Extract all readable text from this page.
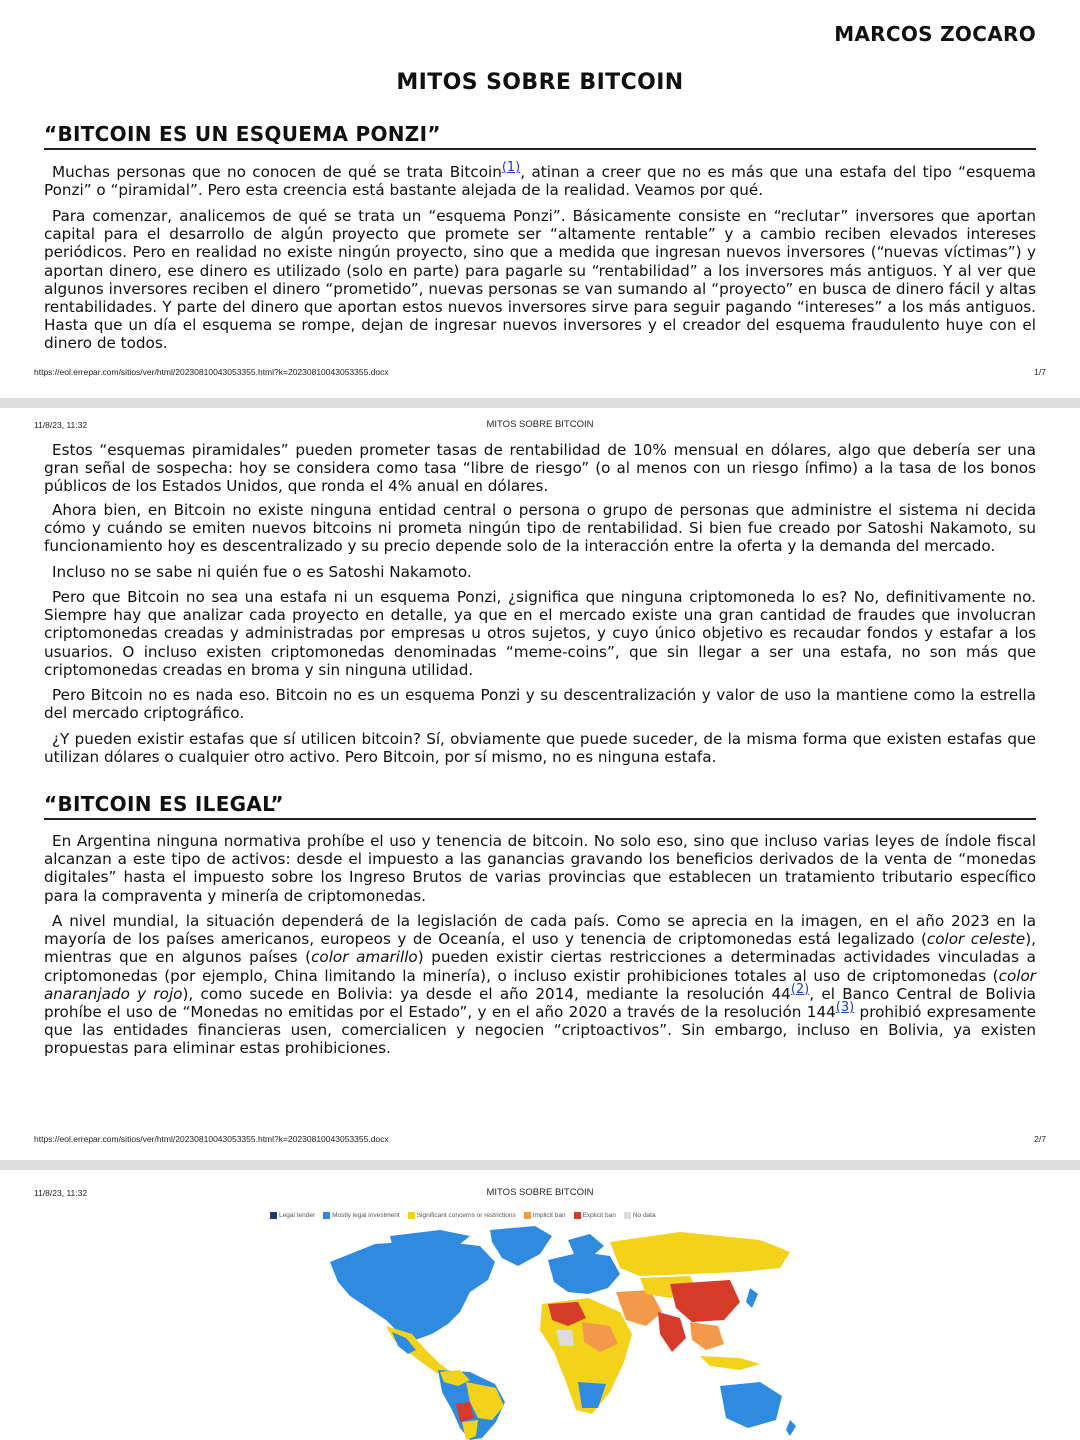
MARCOS ZOCARO
MITOS SOBRE BITCOIN
“BITCOIN ES UN ESQUEMA PONZI”
Muchas personas que no conocen de qué se trata Bitcoin(1), atinan a creer que no es más que una estafa del tipo “esquema Ponzi” o “piramidal”. Pero esta creencia está bastante alejada de la realidad. Veamos por qué.
Para comenzar, analicemos de qué se trata un “esquema Ponzi”. Básicamente consiste en “reclutar” inversores que aportan capital para el desarrollo de algún proyecto que promete ser “altamente rentable” y a cambio reciben elevados intereses periódicos. Pero en realidad no existe ningún proyecto, sino que a medida que ingresan nuevos inversores (“nuevas víctimas”) y aportan dinero, ese dinero es utilizado (solo en parte) para pagarle su “rentabilidad” a los inversores más antiguos. Y al ver que algunos inversores reciben el dinero “prometido”, nuevas personas se van sumando al “proyecto” en busca de dinero fácil y altas rentabilidades. Y parte del dinero que aportan estos nuevos inversores sirve para seguir pagando “intereses” a los más antiguos. Hasta que un día el esquema se rompe, dejan de ingresar nuevos inversores y el creador del esquema fraudulento huye con el dinero de todos.
https://eol.errepar.com/sitios/ver/html/20230810043053355.html?k=20230810043053355.docx	1/7
11/8/23, 11:32	MITOS SOBRE BITCOIN
Estos “esquemas piramidales” pueden prometer tasas de rentabilidad de 10% mensual en dólares, algo que debería ser una gran señal de sospecha: hoy se considera como tasa “libre de riesgo” (o al menos con un riesgo ínfimo) a la tasa de los bonos públicos de los Estados Unidos, que ronda el 4% anual en dólares.
Ahora bien, en Bitcoin no existe ninguna entidad central o persona o grupo de personas que administre el sistema ni decida cómo y cuándo se emiten nuevos bitcoins ni prometa ningún tipo de rentabilidad. Si bien fue creado por Satoshi Nakamoto, su funcionamiento hoy es descentralizado y su precio depende solo de la interacción entre la oferta y la demanda del mercado.
Incluso no se sabe ni quién fue o es Satoshi Nakamoto.
Pero que Bitcoin no sea una estafa ni un esquema Ponzi, ¿significa que ninguna criptomoneda lo es? No, definitivamente no. Siempre hay que analizar cada proyecto en detalle, ya que en el mercado existe una gran cantidad de fraudes que involucran criptomonedas creadas y administradas por empresas u otros sujetos, y cuyo único objetivo es recaudar fondos y estafar a los usuarios. O incluso existen criptomonedas denominadas “meme-coins”, que sin llegar a ser una estafa, no son más que criptomonedas creadas en broma y sin ninguna utilidad.
Pero Bitcoin no es nada eso. Bitcoin no es un esquema Ponzi y su descentralización y valor de uso la mantiene como la estrella del mercado criptográfico.
¿Y pueden existir estafas que sí utilicen bitcoin? Sí, obviamente que puede suceder, de la misma forma que existen estafas que utilizan dólares o cualquier otro activo. Pero Bitcoin, por sí mismo, no es ninguna estafa.
“BITCOIN ES ILEGAL”
En Argentina ninguna normativa prohíbe el uso y tenencia de bitcoin. No solo eso, sino que incluso varias leyes de índole fiscal alcanzan a este tipo de activos: desde el impuesto a las ganancias gravando los beneficios derivados de la venta de “monedas digitales” hasta el impuesto sobre los Ingreso Brutos de varias provincias que establecen un tratamiento tributario específico para la compraventa y minería de criptomonedas.
A nivel mundial, la situación dependerá de la legislación de cada país. Como se aprecia en la imagen, en el año 2023 en la mayoría de los países americanos, europeos y de Oceanía, el uso y tenencia de criptomonedas está legalizado (color celeste), mientras que en algunos países (color amarillo) pueden existir ciertas restricciones a determinadas actividades vinculadas a criptomonedas (por ejemplo, China limitando la minería), o incluso existir prohibiciones totales al uso de criptomonedas (color anaranjado y rojo), como sucede en Bolivia: ya desde el año 2014, mediante la resolución 44(2), el Banco Central de Bolivia prohíbe el uso de “Monedas no emitidas por el Estado”, y en el año 2020 a través de la resolución 144(3) prohibió expresamente que las entidades financieras usen, comercialicen y negocien “criptoactivos”. Sin embargo, incluso en Bolivia, ya existen propuestas para eliminar estas prohibiciones.
https://eol.errepar.com/sitios/ver/html/20230810043053355.html?k=20230810043053355.docx	2/7
11/8/23, 11:32	MITOS SOBRE BITCOIN
Legal tender	Mostly legal investment	Significant concerns or restrictions	Implicit ban	Explicit ban	No data
